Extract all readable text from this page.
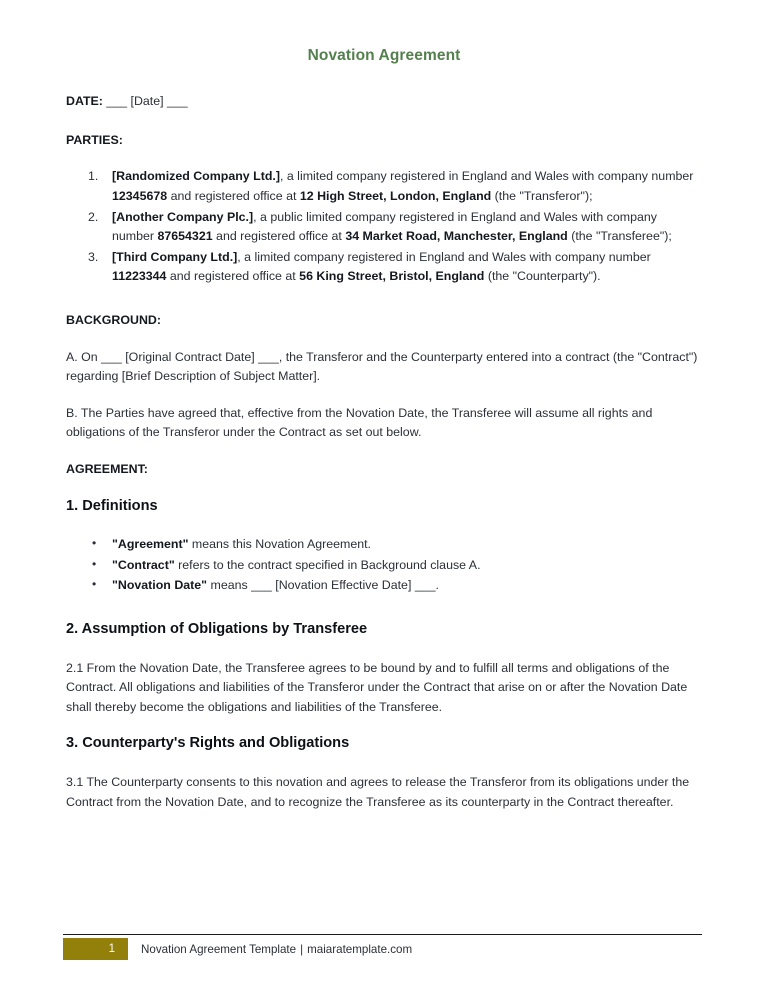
Novation Agreement

DATE: ___ [Date] ___

PARTIES:

1. [Randomized Company Ltd.], a limited company registered in England and Wales with company number 12345678 and registered office at 12 High Street, London, England (the "Transferor");
2. [Another Company Plc.], a public limited company registered in England and Wales with company number 87654321 and registered office at 34 Market Road, Manchester, England (the "Transferee");
3. [Third Company Ltd.], a limited company registered in England and Wales with company number 11223344 and registered office at 56 King Street, Bristol, England (the "Counterparty").

BACKGROUND:

A. On ___ [Original Contract Date] ___, the Transferor and the Counterparty entered into a contract (the "Contract") regarding [Brief Description of Subject Matter].

B. The Parties have agreed that, effective from the Novation Date, the Transferee will assume all rights and obligations of the Transferor under the Contract as set out below.

AGREEMENT:

1. Definitions
• "Agreement" means this Novation Agreement.
• "Contract" refers to the contract specified in Background clause A.
• "Novation Date" means ___ [Novation Effective Date] ___.
2. Assumption of Obligations by Transferee

2.1 From the Novation Date, the Transferee agrees to be bound by and to fulfill all terms and obligations of the Contract. All obligations and liabilities of the Transferor under the Contract that arise on or after the Novation Date shall thereby become the obligations and liabilities of the Transferee.

3. Counterparty's Rights and Obligations

3.1 The Counterparty consents to this novation and agrees to release the Transferor from its obligations under the Contract from the Novation Date, and to recognize the Transferee as its counterparty in the Contract thereafter.

1	Novation Agreement Template | maiaratemplate.com
